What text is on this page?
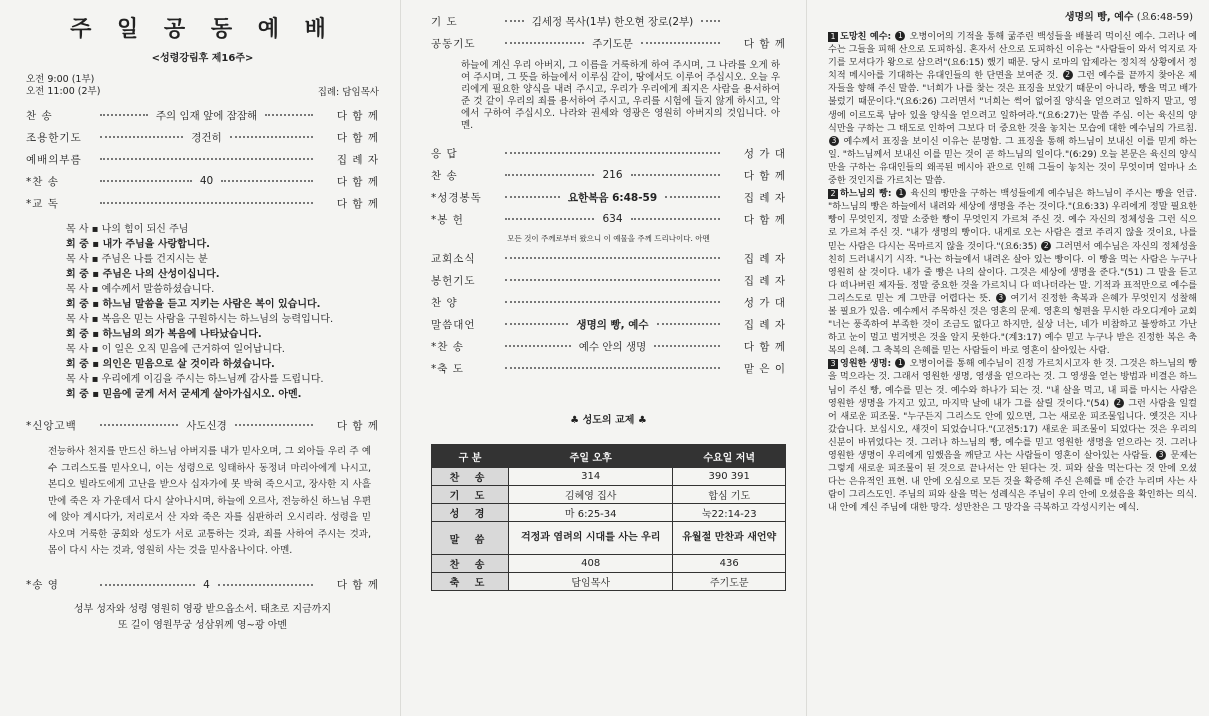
주 일 공 동 예 배
<성령강림후 제16주>
오전 9:00 (1부)
오전 11:00 (2부)	집례: 담임목사
찬 송	주의 임재 앞에 잠잠해	다 함 께
조용한기도	경건히	다 함 께
예배의부름	집 례 자
*찬 송	40	다 함 께
*교 독	다 함 께
목 사 ▪ 나의 힘이 되신 주님
회 중 ▪ 내가 주님을 사랑합니다.
목 사 ▪ 주님은 나를 건지시는 분
회 중 ▪ 주님은 나의 산성이십니다.
목 사 ▪ 예수께서 말씀하셨습니다.
회 중 ▪ 하느님 말씀을 듣고 지키는 사람은 복이 있습니다.
목 사 ▪ 복음은 믿는 사람을 구원하시는 하느님의 능력입니다.
회 중 ▪ 하느님의 의가 복음에 나타났습니다.
목 사 ▪ 이 일은 오직 믿음에 근거하여 일어납니다.
회 중 ▪ 의인은 믿음으로 살 것이라 하셨습니다.
목 사 ▪ 우리에게 이김을 주시는 하느님께 감사를 드립니다.
회 중 ▪ 믿음에 굳게 서서 굳세게 살아가십시오. 아멘.
*신앙고백	사도신경	다 함 께
전능하사 천지를 만드신 하느님 아버지를 내가 믿사오며, 그 외아들 우리 주 예수 그리스도를 믿사오니, 이는 성령으로 잉태하사 동정녀 마리아에게 나시고, 본디오 빌라도에게 고난을 받으사 십자가에 못 박혀 죽으시고, 장사한 지 사흘 만에 죽은 자 가운데서 다시 살아나시며, 하늘에 오르사, 전능하신 하느님 우편에 앉아 계시다가, 저리로서 산 자와 죽은 자를 심판하러 오시리라. 성령을 믿사오며 거룩한 공회와 성도가 서로 교통하는 것과, 죄를 사하여 주시는 것과, 몸이 다시 사는 것과, 영원히 사는 것을 믿사옵나이다. 아멘.
*송 영	4	다 함 께
성부 성자와 성령 영원히 영광 받으옵소서. 태초로 지금까지
또 길이 영원무궁 성삼위께 영~광 아멘
기 도	김세정 목사(1부) 한오현 장로(2부)
공동기도	주기도문	다 함 께
하늘에 계신 우리 아버지, 그 이름을 거룩하게 하여 주시며, 그 나라를 오게 하여 주시며, 그 뜻을 하늘에서 이루심 같이, 땅에서도 이루어 주십시오. 오늘 우리에게 필요한 양식을 내려 주시고, 우리가 우리에게 죄지은 사람을 용서하여 준 것 같이 우리의 죄를 용서하여 주시고, 우리를 시험에 들지 않게 하시고, 악에서 구하여 주십시오. 나라와 권세와 영광은 영원히 아버지의 것입니다. 아멘.
응 답	성 가 대
찬 송	216	다 함 께
*성경봉독	요한복음 6:48-59	집 례 자
*봉 헌	634	다 함 께
모든 것이 주께로부터 왔으니 이 예물을 주께 드리나이다. 아멘
교회소식	집 례 자
봉헌기도	집 례 자
찬 양	성 가 대
말씀대언	생명의 빵, 예수	집 례 자
*찬 송	예수 안의 생명	다 함 께
*축 도	맡 은 이
♣ 성도의 교제 ♣
구 분	주일 오후	수요일 저녁
찬 송	314	390 391
기 도	김혜영 집사	합심 기도
성 경	마 6:25-34	눅22:14-23
말 씀	걱정과 염려의 시대를 사는 우리	유월절 만찬과 새언약
찬 송	408	436
축 도	담임목사	주기도문
생명의 빵, 예수 (요6:48-59)

1 도망친 예수: 1 오병이어의 기적을 통해 굶주린 백성들을 배불리 먹이신 예수. 그러나 예수는 그들을 피해 산으로 도피하심. 혼자서 산으로 도피하신 이유는 "사람들이 와서 억지로 자기를 모셔다가 왕으로 삼으려"(요6:15) 했기 때문. 당시 로마의 압제라는 정치적 상황에서 정치적 메시아를 기대하는 유대인들의 한 단면을 보여준 것. 2 그런 예수를 끝까지 찾아온 제자들을 향해 주신 말씀. "너희가 나를 찾는 것은 표징을 보았기 때문이 아니라, 빵을 먹고 배가 불렀기 때문이다."(요6:26) 그러면서 "너희는 썩어 없어질 양식을 얻으려고 일하지 말고, 영생에 이르도록 남아 있을 양식을 얻으려고 일하여라."(요6:27)는 말씀 주심. 이는 육신의 양식만을 구하는 그 태도로 인하여 그보다 더 중요한 것을 놓치는 모습에 대한 예수님의 가르침. 3 예수께서 표징을 보이신 이유는 분명함. 그 표징을 통해 하느님이 보내신 이를 믿게 하는 일. "하느님께서 보내신 이를 믿는 것이 곧 하느님의 일이다."(6:29) 오늘 본문은 육신의 양식만을 구하는 유대인들의 왜곡된 메시아 관으로 인해 그들이 놓치는 것이 무엇이며 얼마나 소중한 것인지를 가르치는 말씀.

2 하느님의 빵: 1 육신의 빵만을 구하는 백성들에게 예수님은 하느님이 주시는 빵을 언급. "하느님의 빵은 하늘에서 내려와 세상에 생명을 주는 것이다."(요6:33) 우리에게 정말 필요한 빵이 무엇인지, 정말 소중한 빵이 무엇인지 가르쳐 주신 것. 예수 자신의 정체성을 그런 식으로 가르쳐 주신 것. "내가 생명의 빵이다. 내게로 오는 사람은 결코 주리지 않을 것이요, 나를 믿는 사람은 다시는 목마르지 않을 것이다."(요6:35) 2 그러면서 예수님은 자신의 정체성을 친히 드러내시기 시작. "나는 하늘에서 내려온 살아 있는 빵이다. 이 빵을 먹는 사람은 누구나 영원히 살 것이다. 내가 줄 빵은 나의 살이다. 그것은 세상에 생명을 준다."(51) 그 말을 듣고 다 떠나버린 제자들. 정말 중요한 것을 가르치니 다 떠나더라는 말. 기적과 표적만으로 예수를 그리스도로 믿는 게 그만큼 어렵다는 뜻. 3 여기서 진정한 축복과 은혜가 무엇인지 성찰해 볼 필요가 있음. 예수께서 주목하신 것은 영혼의 문제. 영혼의 형편을 무시한 라오디게아 교회 "너는 풍족하여 부족한 것이 조금도 없다고 하지만, 실상 너는, 네가 비참하고 불쌍하고 가난하고 눈이 멀고 벌거벗은 것을 알지 못한다."(계3:17) 예수 믿고 누구나 받은 진정한 복은 축복의 은혜. 그 축복의 은혜를 믿는 사람들이 바로 영혼이 살아있는 사람.

3 영원한 생명: 1 오병이어를 통해 예수님이 진정 가르치시고자 한 것. 그것은 하느님의 빵을 먹으라는 것. 그래서 영원한 생명, 영생을 얻으라는 것. 그 영생을 얻는 방법과 비결은 하느님이 주신 빵, 예수를 믿는 것. 예수와 하나가 되는 것. "내 살을 먹고, 내 피를 마시는 사람은 영원한 생명을 가지고 있고, 마지막 날에 내가 그를 살릴 것이다."(54) 2 그런 사람을 일컬어 새로운 피조물. "누구든지 그리스도 안에 있으면, 그는 새로운 피조물입니다. 옛것은 지나갔습니다. 보십시오, 새것이 되었습니다."(고전5:17) 새로운 피조물이 되었다는 것은 우리의 신분이 바뀌었다는 것. 그러나 하느님의 빵, 예수를 믿고 영원한 생명을 얻으라는 것. 그러나 영원한 생명이 우리에게 임했음을 깨닫고 사는 사람들이 영혼이 살아있는 사람들. 3 문제는 그렇게 새로운 피조물이 된 것으로 끝나서는 안 된다는 것. 피와 살을 먹는다는 것 안에 오셨다는 은유적인 표현. 내 안에 오심으로 모든 것을 확증해 주신 은혜를 매 순간 누리며 사는 사람이 그리스도인. 주님의 피와 살을 먹는 성례식은 주님이 우리 안에 오셨음을 확인하는 의식. 내 안에 계신 주님에 대한 망각. 성만찬은 그 망각을 극복하고 각성시키는 예식.
